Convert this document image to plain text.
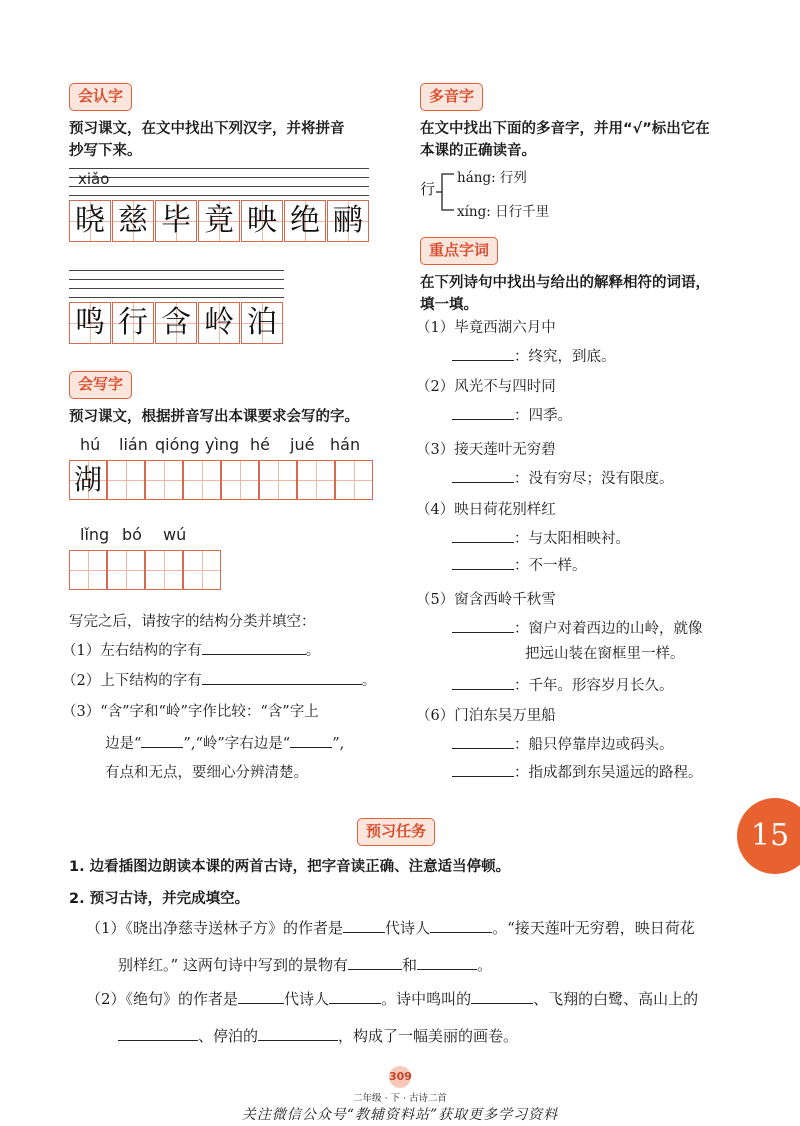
会认字
预习课文，在文中找出下列汉字，并将拼音
抄写下来。
xiǎo
晓 慈 毕 竟 映 绝 鹂
鸣 行 含 岭 泊
会写字
预习课文，根据拼音写出本课要求会写的字。
hú lián qióng yìng hé jué hán
湖
lǐng bó wú
写完之后，请按字的结构分类并填空：
（1）左右结构的字有	。
（2）上下结构的字有	。
（3）“含”字和“岭”字作比较：“含”字上
边是“	”,“岭”字右边是“	”,
有点和无点，要细心分辨清楚。
多音字
在文中找出下面的多音字，并用“√”标出它在
本课的正确读音。
行
háng: 行列
xíng: 日行千里
重点字词
在下列诗句中找出与给出的解释相符的词语，
填一填。
（1）毕竟西湖六月中
：终究，到底。
（2）风光不与四时同
：四季。
（3）接天莲叶无穷碧
：没有穷尽；没有限度。
（4）映日荷花别样红
：与太阳相映衬。
：不一样。
（5）窗含西岭千秋雪
：窗户对着西边的山岭，就像
把远山装在窗框里一样。
：千年。形容岁月长久。
（6）门泊东吴万里船
：船只停靠岸边或码头。
：指成都到东吴遥远的路程。
15
预习任务
1. 边看插图边朗读本课的两首古诗，把字音读正确、注意适当停顿。
2. 预习古诗，并完成填空。
（1）《晓出净慈寺送林子方》的作者是	代诗人	。“接天莲叶无穷碧，映日荷花
别样红。” 这两句诗中写到的景物有	和	。
（2）《绝句》的作者是	代诗人	。诗中鸣叫的	、飞翔的白鹭、高山上的
、停泊的	，构成了一幅美丽的画卷。
309
二年级 · 下 · 古诗二首
关注微信公众号“教辅资料站”获取更多学习资料
